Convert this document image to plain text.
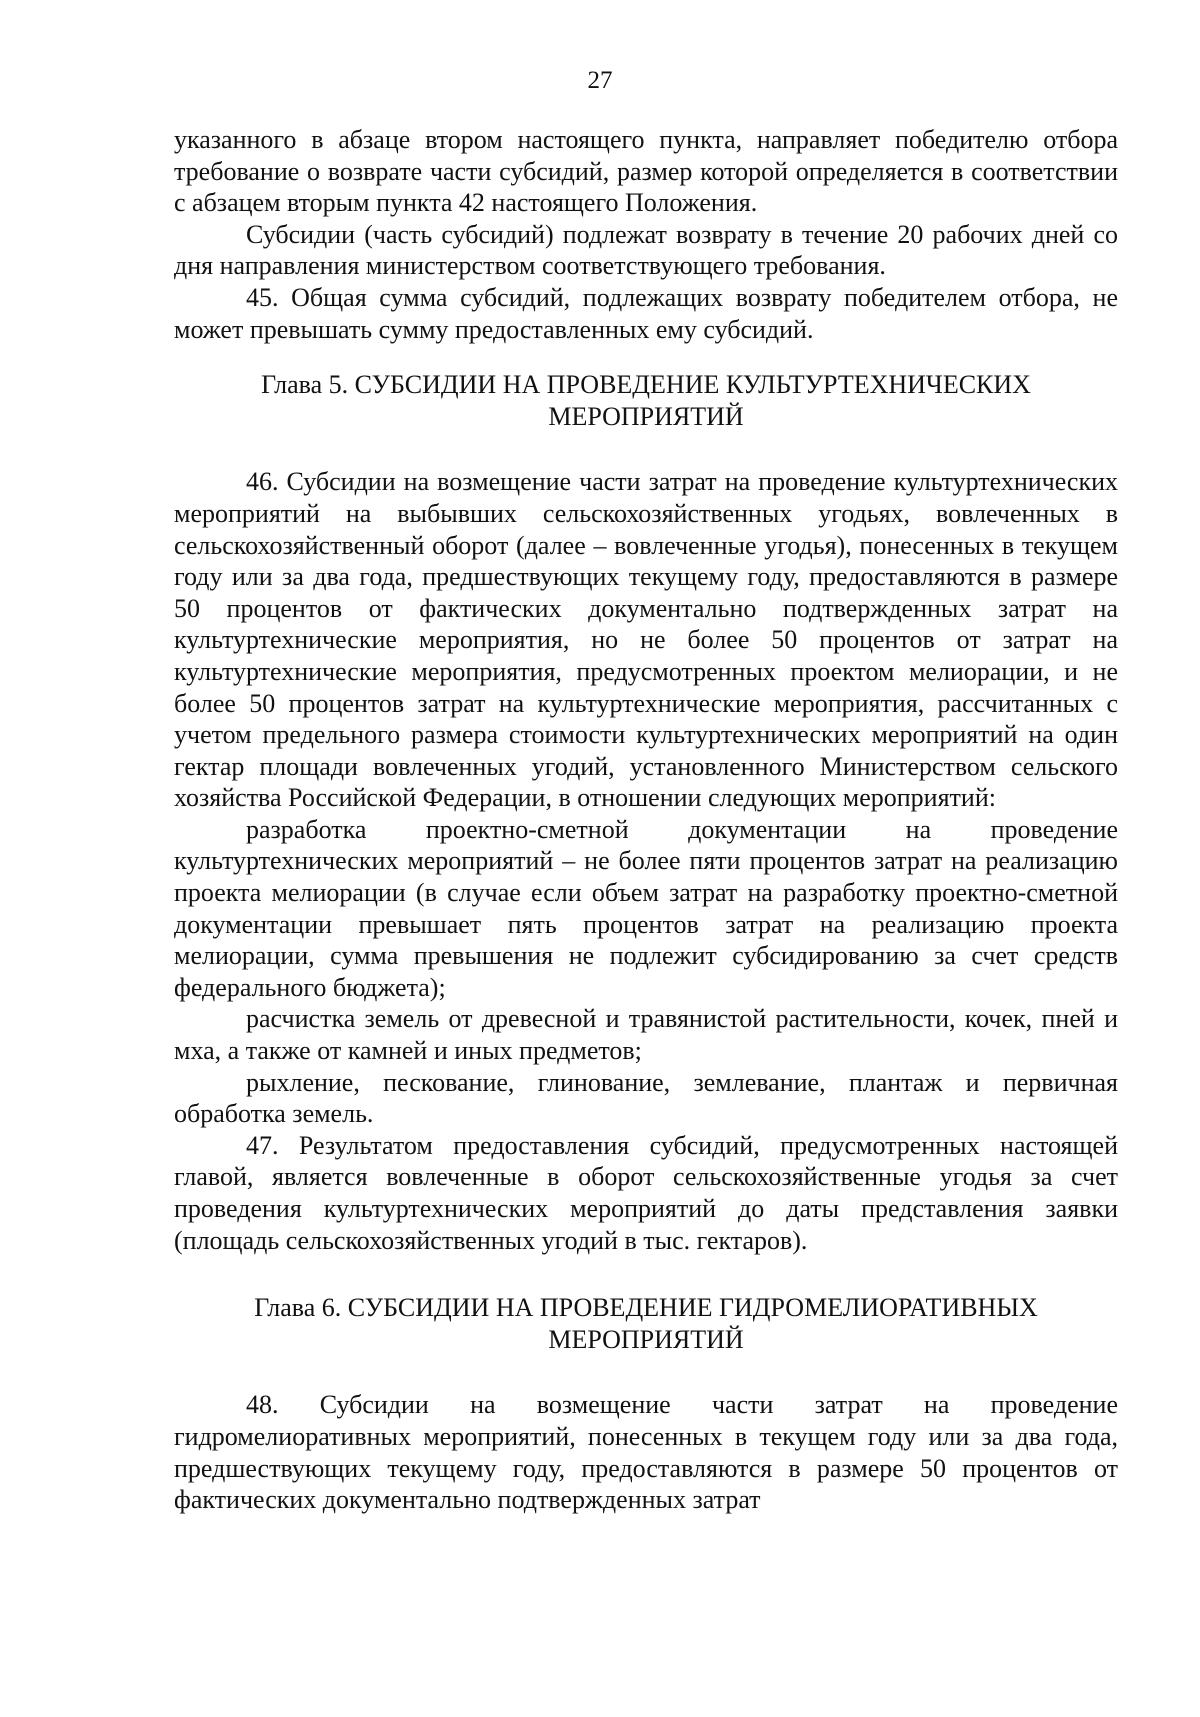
27

указанного в абзаце втором настоящего пункта, направляет победителю отбора требование о возврате части субсидий, размер которой определяется в соответствии с абзацем вторым пункта 42 настоящего Положения.

Субсидии (часть субсидий) подлежат возврату в течение 20 рабочих дней со дня направления министерством соответствующего требования.

45. Общая сумма субсидий, подлежащих возврату победителем отбора, не может превышать сумму предоставленных ему субсидий.

Глава 5. СУБСИДИИ НА ПРОВЕДЕНИЕ КУЛЬТУРТЕХНИЧЕСКИХ

МЕРОПРИЯТИЙ

46. Субсидии на возмещение части затрат на проведение культуртехнических мероприятий на выбывших сельскохозяйственных угодьях, вовлеченных в сельскохозяйственный оборот (далее – вовлеченные угодья), понесенных в текущем году или за два года, предшествующих текущему году, предоставляются в размере 50 процентов от фактических документально подтвержденных затрат на культуртехнические мероприятия, но не более 50 процентов от затрат на культуртехнические мероприятия, предусмотренных проектом мелиорации, и не более 50 процентов затрат на культуртехнические мероприятия, рассчитанных с учетом предельного размера стоимости культуртехнических мероприятий на один гектар площади вовлеченных угодий, установленного Министерством сельского хозяйства Российской Федерации, в отношении следующих мероприятий:

разработка проектно-сметной документации на проведение культуртехнических мероприятий – не более пяти процентов затрат на реализацию проекта мелиорации (в случае если объем затрат на разработку проектно-сметной документации превышает пять процентов затрат на реализацию проекта мелиорации, сумма превышения не подлежит субсидированию за счет средств федерального бюджета);

расчистка земель от древесной и травянистой растительности, кочек, пней и мха, а также от камней и иных предметов;

рыхление, пескование, глинование, землевание, плантаж и первичная обработка земель.

47. Результатом предоставления субсидий, предусмотренных настоящей главой, является вовлеченные в оборот сельскохозяйственные угодья за счет проведения культуртехнических мероприятий до даты представления заявки (площадь сельскохозяйственных угодий в тыс. гектаров).

Глава 6. СУБСИДИИ НА ПРОВЕДЕНИЕ ГИДРОМЕЛИОРАТИВНЫХ

МЕРОПРИЯТИЙ

48. Субсидии на возмещение части затрат на проведение гидромелиоративных мероприятий, понесенных в текущем году или за два года, предшествующих текущему году, предоставляются в размере 50 процентов от фактических документально подтвержденных затрат
